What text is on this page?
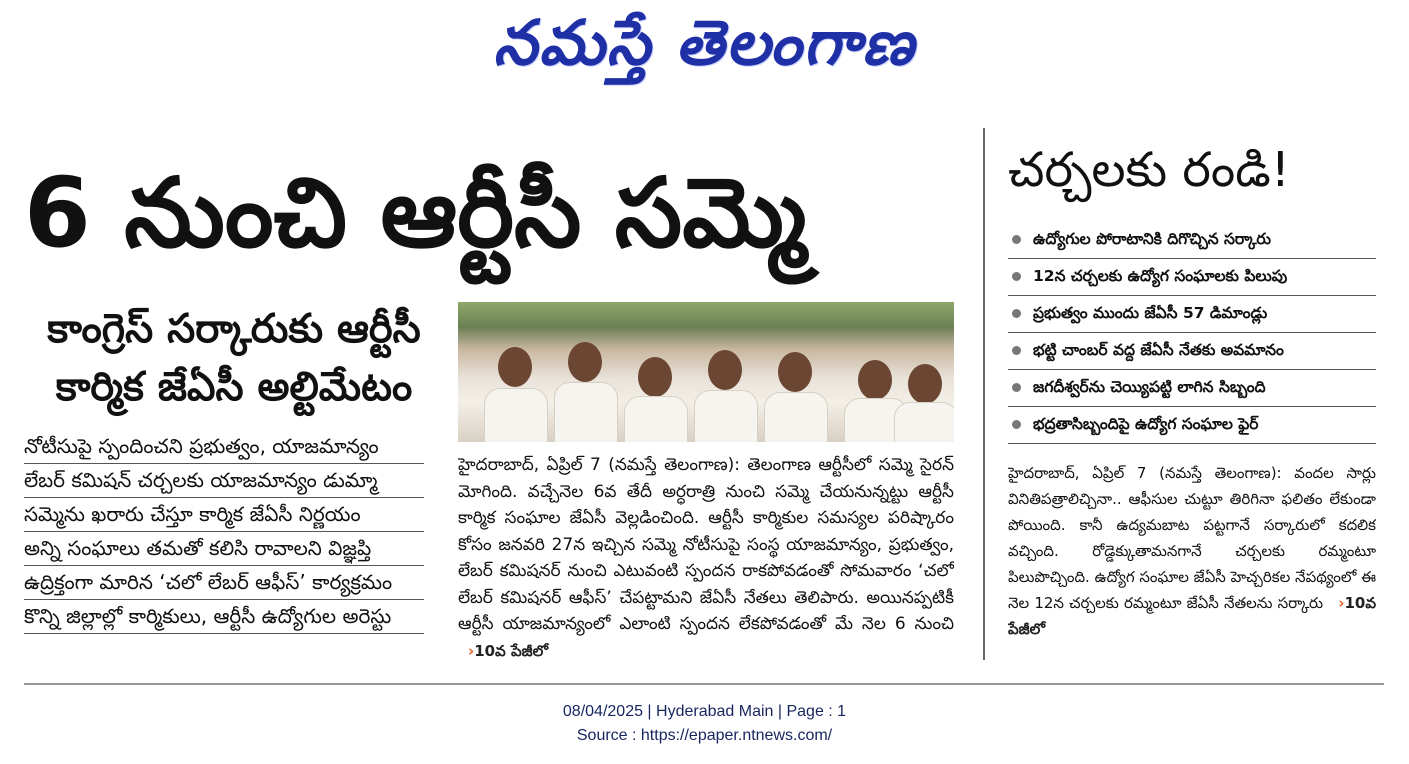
నమస్తే తెలంగాణ
6 నుంచి ఆర్టీసీ సమ్మె
కాంగ్రెస్ సర్కారుకు ఆర్టీసీ
కార్మిక జేఏసీ అల్టిమేటం
నోటీసుపై స్పందించని ప్రభుత్వం, యాజమాన్యం
లేబర్ కమిషన్ చర్చలకు యాజమాన్యం డుమ్మా
సమ్మెను ఖరారు చేస్తూ కార్మిక జేఏసీ నిర్ణయం
అన్ని సంఘాలు తమతో కలిసి రావాలని విజ్ఞప్తి
ఉద్రిక్తంగా మారిన ‘చలో లేబర్ ఆఫీస్’ కార్యక్రమం
కొన్ని జిల్లాల్లో కార్మికులు, ఆర్టీసీ ఉద్యోగుల అరెస్టు
హైదరాబాద్, ఏప్రిల్ 7 (నమస్తే తెలంగాణ): తెలంగాణ ఆర్టీసీలో సమ్మె సైరన్ మోగింది. వచ్చేనెల 6వ తేదీ అర్ధరాత్రి నుంచి సమ్మె చేయనున్నట్టు ఆర్టీసీ కార్మిక సంఘాల జేఏసీ వెల్లడించింది. ఆర్టీసీ కార్మికుల సమస్యల పరిష్కారం కోసం జనవరి 27న ఇచ్చిన సమ్మె నోటీసుపై సంస్థ యాజమాన్యం, ప్రభుత్వం, లేబర్ కమిషనర్ నుంచి ఎటువంటి స్పందన రాకపోవడంతో సోమవారం ‘చలో లేబర్ కమిషనర్ ఆఫీస్’ చేపట్టామని జేఏసీ నేతలు తెలిపారు. అయినప్పటికీ ఆర్టీసీ యాజమాన్యంలో ఎలాంటి స్పందన లేకపోవడంతో మే నెల 6 నుంచి ›10వ పేజీలో
చర్చలకు రండి!
ఉద్యోగుల పోరాటానికి దిగొచ్చిన సర్కారు
12న చర్చలకు ఉద్యోగ సంఘాలకు పిలుపు
ప్రభుత్వం ముందు జేఏసీ 57 డిమాండ్లు
భట్టి చాంబర్ వద్ద జేఏసీ నేతకు అవమానం
జగదీశ్వర్‌ను చెయ్యిపట్టి లాగిన సిబ్బంది
భద్రతాసిబ్బందిపై ఉద్యోగ సంఘాల ఫైర్
హైదరాబాద్, ఏప్రిల్ 7 (నమస్తే తెలంగాణ): వందల సార్లు వినితిపత్రాలిచ్చినా.. ఆఫీసుల చుట్టూ తిరిగినా ఫలితం లేకుండా పోయింది. కానీ ఉద్యమబాట పట్టగానే సర్కారులో కదలిక వచ్చింది. రోడ్డెక్కుతామనగానే చర్చలకు రమ్మంటూ పిలుపొచ్చింది. ఉద్యోగ సంఘాల జేఏసీ హెచ్చరికల నేపథ్యంలో ఈ నెల 12న చర్చలకు రమ్మంటూ జేఏసీ నేతలను సర్కారు ›10వ పేజీలో
08/04/2025 | Hyderabad Main | Page : 1
Source : https://epaper.ntnews.com/
